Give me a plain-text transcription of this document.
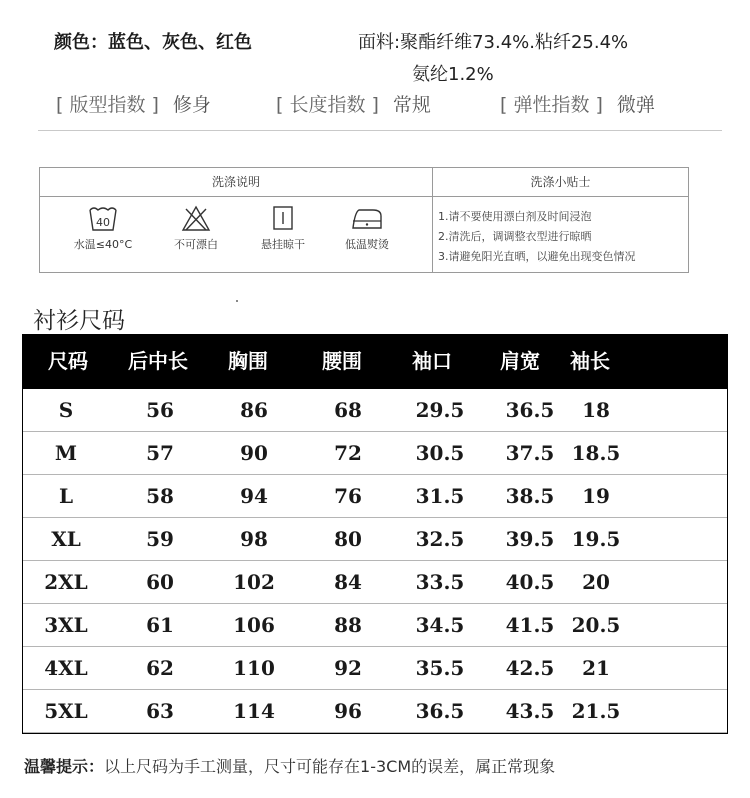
颜色：蓝色、灰色、红色	面料:聚酯纤维73.4%.粘纤25.4%
氨纶1.2%
[ 版型指数 ] 修身	[ 长度指数 ] 常规	[ 弹性指数 ] 微弹
洗涤说明	洗涤小贴士
40
水温≤40°C	不可漂白	悬挂晾干	低温熨烫
1.请不要使用漂白剂及时间浸泡
2.清洗后，调调整衣型进行晾晒
3.请避免阳光直晒，以避免出现变色情况
衬衫尺码
尺码 后中长 胸围	腰围	袖口 肩宽 袖长
S	56	86	68	29.5 36.5 18
M	57	90	72	30.5 37.5 18.5
L	58	94	76	31.5 38.5 19
XL	59	98	80	32.5 39.5 19.5
2XL	60	102	84	33.5 40.5 20
3XL	61	106	88	34.5 41.5 20.5
4XL	62	110	92	35.5 42.5 21
5XL	63	114	96	36.5 43.5 21.5
温馨提示：以上尺码为手工测量，尺寸可能存在1-3CM的误差，属正常现象
